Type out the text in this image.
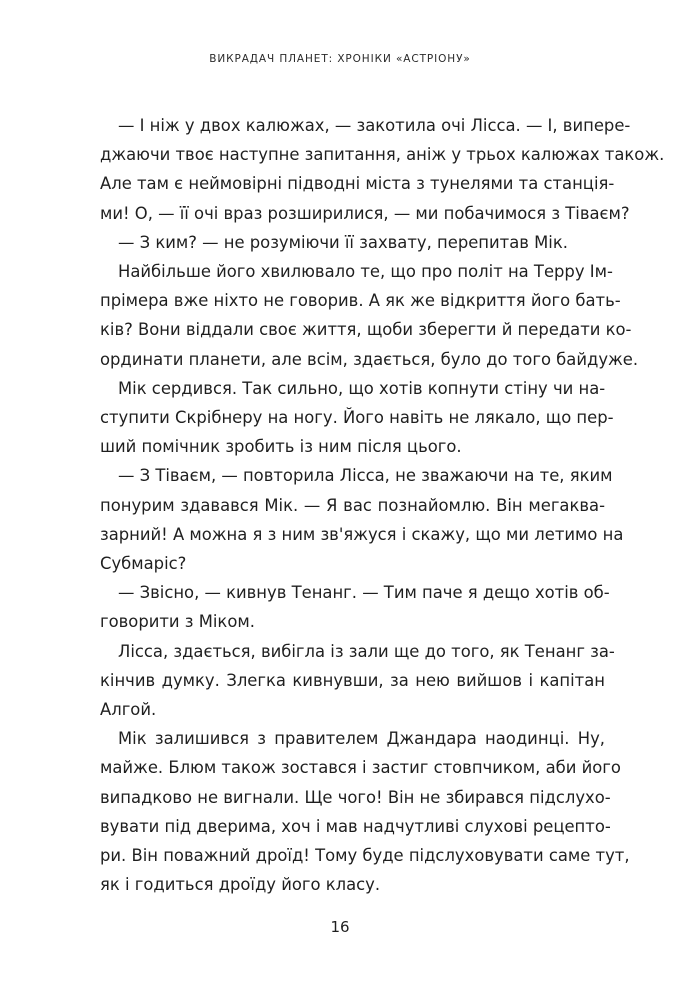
ВИКРАДАЧ ПЛАНЕТ: ХРОНІКИ «АСТРІОНУ»
— І ніж у двох калюжах, — закотила очі Лісса. — І, випере-
джаючи твоє наступне запитання, аніж у трьох калюжах також.
Але там є неймовірні підводні міста з тунелями та станція-
ми! О, — її очі враз розширилися, — ми побачимося з Тіваєм?
— З ким? — не розуміючи її захвату, перепитав Мік.
Найбільше його хвилювало те, що про політ на Терру Ім-
прімера вже ніхто не говорив. А як же відкриття його бать-
ків? Вони віддали своє життя, щоби зберегти й передати ко-
ординати планети, але всім, здається, було до того байдуже.
Мік сердився. Так сильно, що хотів копнути стіну чи на-
ступити Скрібнеру на ногу. Його навіть не лякало, що пер-
ший помічник зробить із ним після цього.
— З Тіваєм, — повторила Лісса, не зважаючи на те, яким
понурим здавався Мік. — Я вас познайомлю. Він мегаква-
зарний! А можна я з ним зв'яжуся і скажу, що ми летимо на
Субмаріс?
— Звісно, — кивнув Тенанг. — Тим паче я дещо хотів об-
говорити з Міком.
Лісса, здається, вибігла із зали ще до того, як Тенанг за-
кінчив думку. Злегка кивнувши, за нею вийшов і капітан
Алгой.
Мік залишився з правителем Джандара наодинці. Ну,
майже. Блюм також зостався і застиг стовпчиком, аби його
випадково не вигнали. Ще чого! Він не збирався підслухо-
вувати під дверима, хоч і мав надчутливі слухові рецепто-
ри. Він поважний дроїд! Тому буде підслуховувати саме тут,
як і годиться дроїду його класу.
16
